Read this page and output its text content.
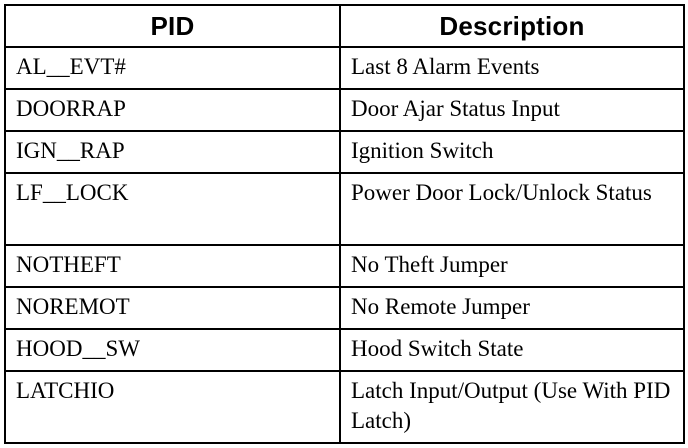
PID	Description
AL__EVT#	Last 8 Alarm Events
DOORRAP	Door Ajar Status Input
IGN__RAP	Ignition Switch
LF__LOCK	Power Door Lock/Unlock Status
NOTHEFT	No Theft Jumper
NOREMOT	No Remote Jumper
HOOD__SW	Hood Switch State
LATCHIO	Latch Input/Output (Use With PID Latch)
